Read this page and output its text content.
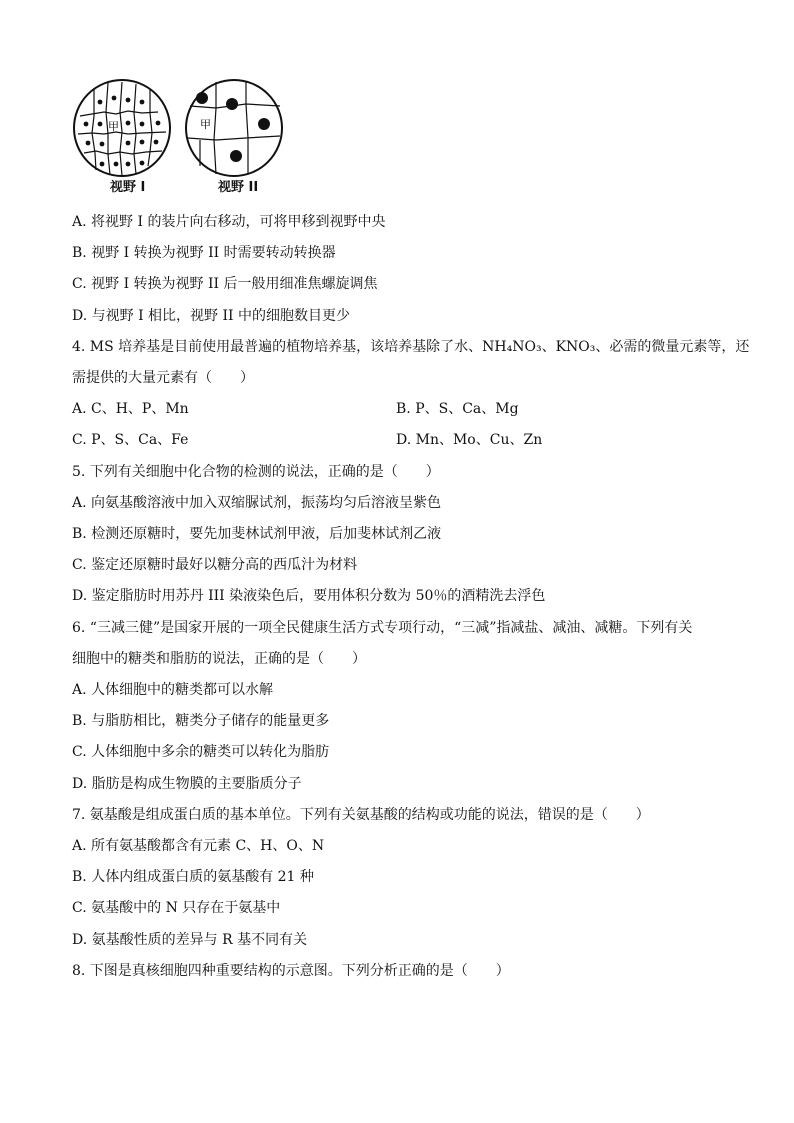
甲	甲
视野 I	视野 II
A. 将视野 I 的装片向右移动，可将甲移到视野中央
B. 视野 I 转换为视野 II 时需要转动转换器
C. 视野 I 转换为视野 II 后一般用细准焦螺旋调焦
D. 与视野 I 相比，视野 II 中的细胞数目更少
4. MS 培养基是目前使用最普遍的植物培养基，该培养基除了水、NH₄NO₃、KNO₃、必需的微量元素等，还
需提供的大量元素有（　　）
A. C、H、P、Mn	B. P、S、Ca、Mg
C. P、S、Ca、Fe	D. Mn、Mo、Cu、Zn
5. 下列有关细胞中化合物的检测的说法，正确的是（　　）
A. 向氨基酸溶液中加入双缩脲试剂，振荡均匀后溶液呈紫色
B. 检测还原糖时，要先加斐林试剂甲液，后加斐林试剂乙液
C. 鉴定还原糖时最好以糖分高的西瓜汁为材料
D. 鉴定脂肪时用苏丹 III 染液染色后，要用体积分数为 50％的酒精洗去浮色
6. “三减三健”是国家开展的一项全民健康生活方式专项行动，“三减”指减盐、减油、减糖。下列有关
细胞中的糖类和脂肪的说法，正确的是（　　）
A. 人体细胞中的糖类都可以水解
B. 与脂肪相比，糖类分子储存的能量更多
C. 人体细胞中多余的糖类可以转化为脂肪
D. 脂肪是构成生物膜的主要脂质分子
7. 氨基酸是组成蛋白质的基本单位。下列有关氨基酸的结构或功能的说法，错误的是（　　）
A. 所有氨基酸都含有元素 C、H、O、N
B. 人体内组成蛋白质的氨基酸有 21 种
C. 氨基酸中的 N 只存在于氨基中
D. 氨基酸性质的差异与 R 基不同有关
8. 下图是真核细胞四种重要结构的示意图。下列分析正确的是（　　）
